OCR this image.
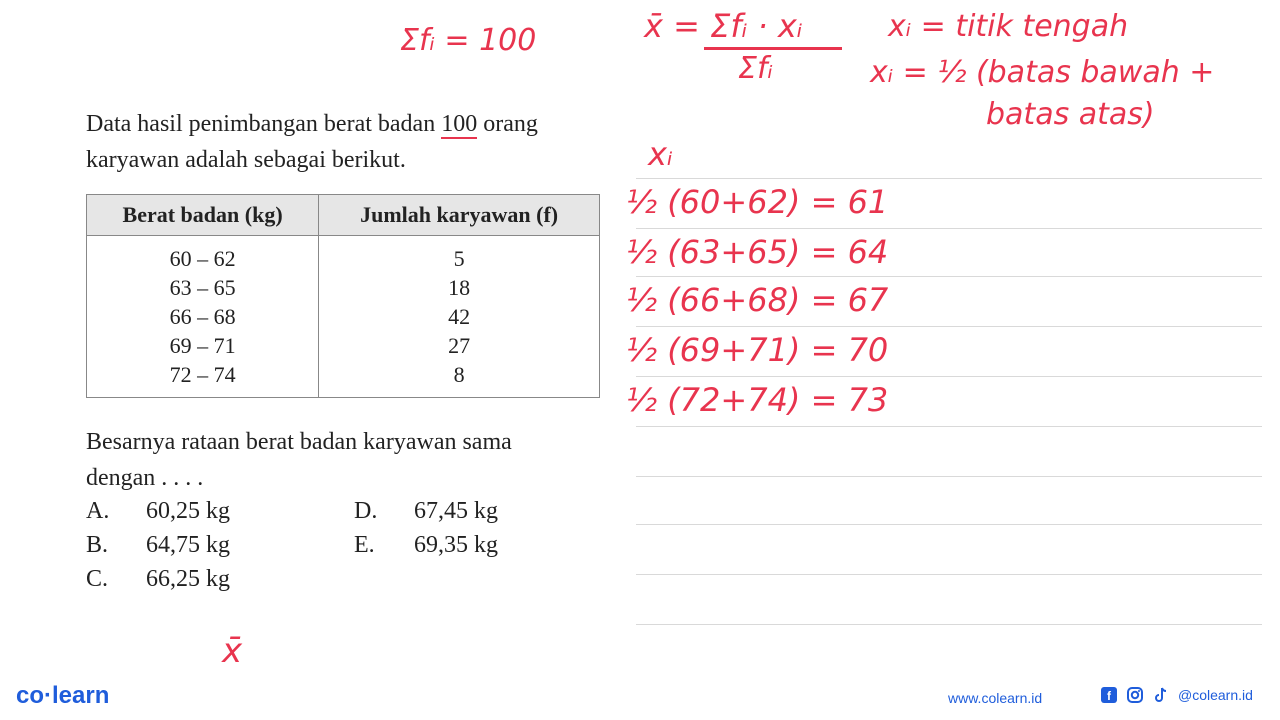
Data hasil penimbangan berat badan 100 orang
karyawan adalah sebagai berikut.
Berat badan (kg)	Jumlah karyawan (f)
60 – 62	5
63 – 65	18
66 – 68	42
69 – 71	27
72 – 74	8
Besarnya rataan berat badan karyawan sama
dengan . . . .
A.	60,25 kg	D.	67,45 kg
B.	64,75 kg	E.	69,35 kg
C.	66,25 kg
Σfᵢ = 100	x̄ = Σfᵢ · xᵢ
Σfᵢ
xᵢ = titik tengah
xᵢ = ½ (batas bawah +
batas atas)
xᵢ
½ (60+62) = 61
½ (63+65) = 64
½ (66+68) = 67
½ (69+71) = 70
½ (72+74) = 73
x̄
co·learn	www.colearn.id	f	@colearn.id
